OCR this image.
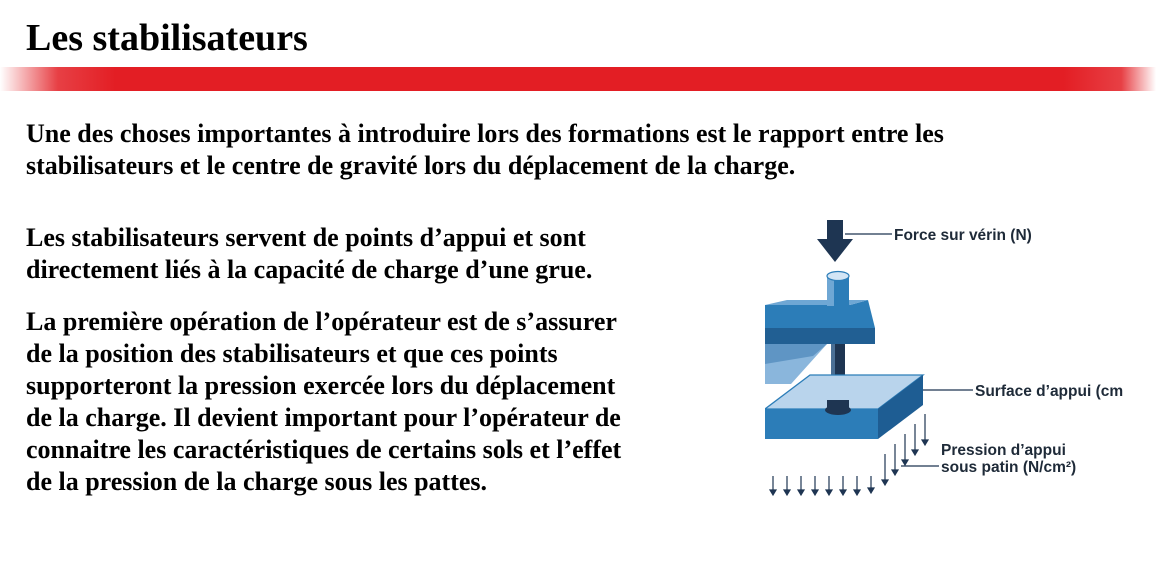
Les stabilisateurs
Une des choses importantes à introduire lors des formations est le rapport entre les
stabilisateurs et le centre de gravité lors du déplacement de la charge.
Les stabilisateurs servent de points d’appui et sont
directement liés à la capacité de charge d’une grue.
La première opération de l’opérateur est de s’assurer
de la position des stabilisateurs et que ces points
supporteront la pression exercée lors du déplacement
de la charge. Il devient important pour l’opérateur de
connaitre les caractéristiques de certains sols et l’effet
de la pression de la charge sous les pattes.
Force sur vérin (N)
Surface d’appui (cm
Pression d’appui
sous patin (N/cm²)
